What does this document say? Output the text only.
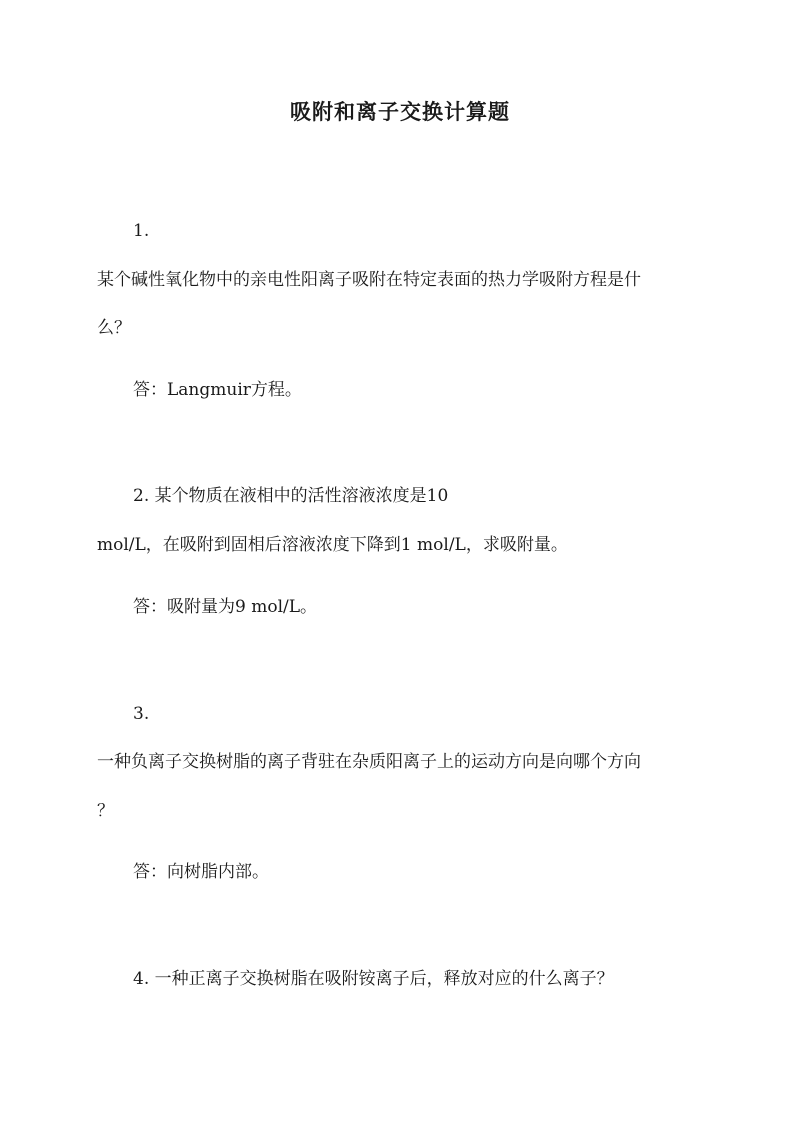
吸附和离子交换计算题
1.
某个碱性氧化物中的亲电性阳离子吸附在特定表面的热力学吸附方程是什
么？
答：Langmuir方程。
2. 某个物质在液相中的活性溶液浓度是10
mol/L，在吸附到固相后溶液浓度下降到1 mol/L，求吸附量。
答：吸附量为9 mol/L。
3.
一种负离子交换树脂的离子背驻在杂质阳离子上的运动方向是向哪个方向
？
答：向树脂内部。
4. 一种正离子交换树脂在吸附铵离子后，释放对应的什么离子？
